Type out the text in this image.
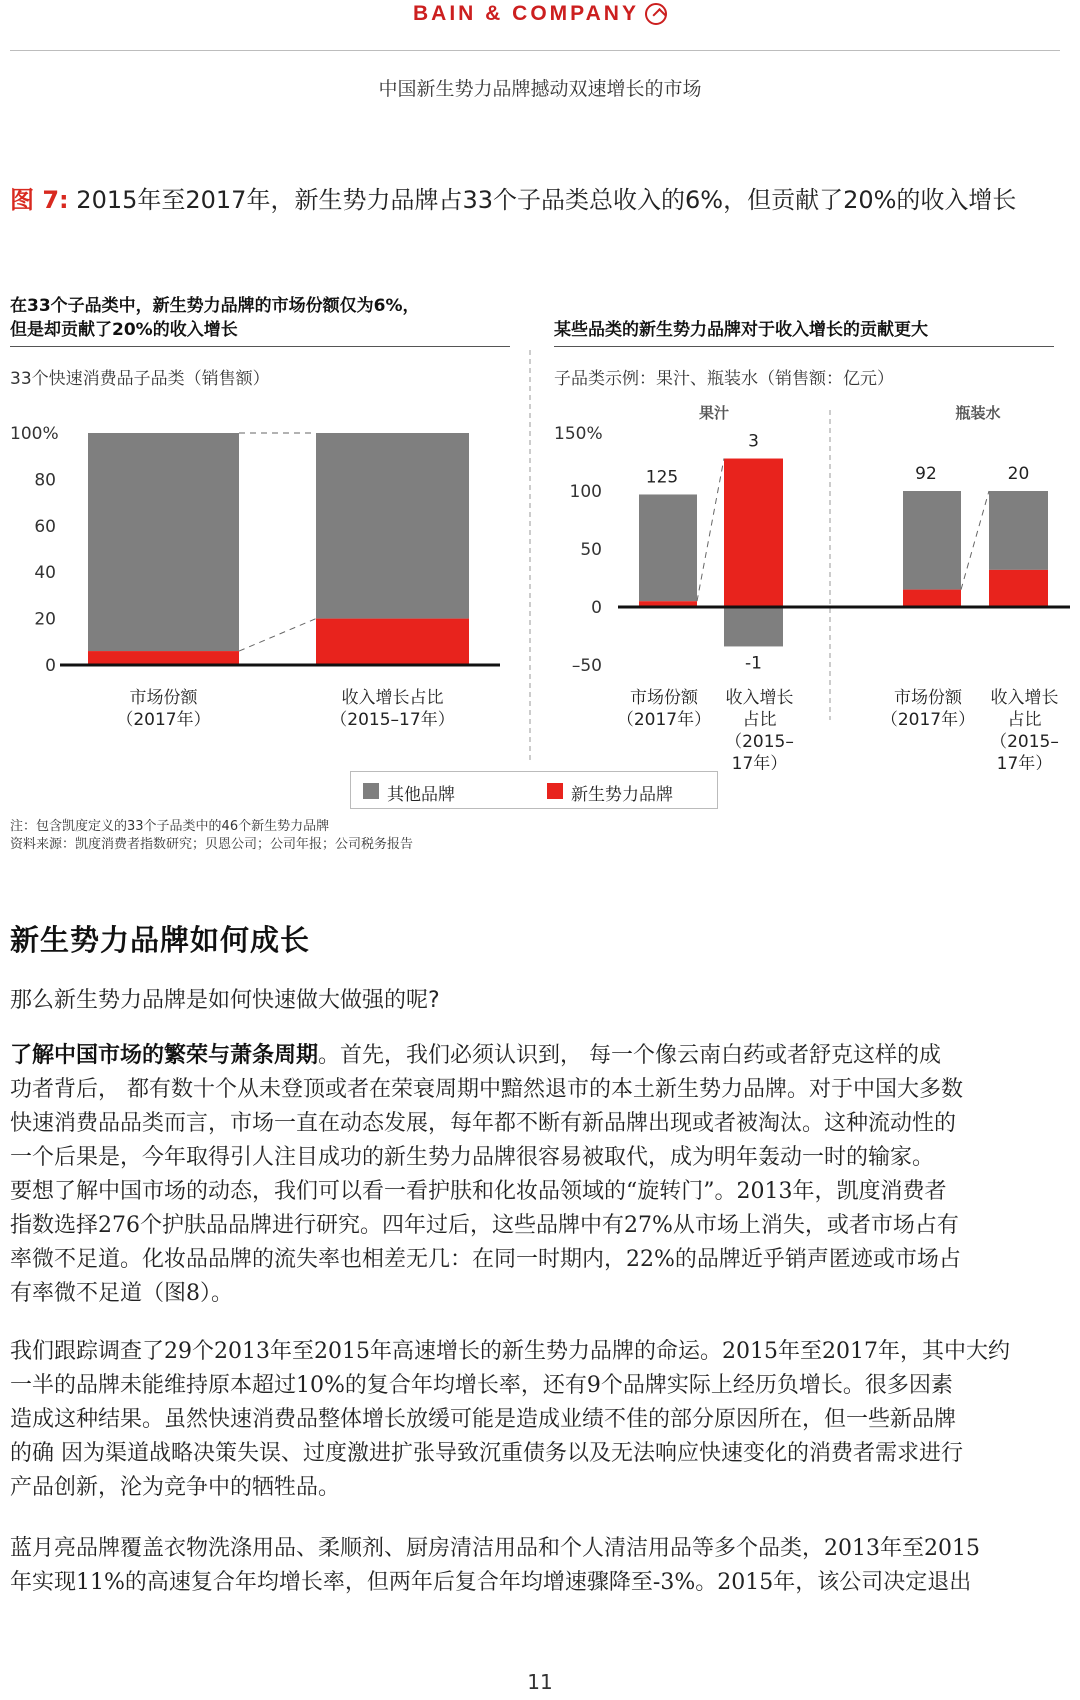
BAIN & COMPANY
中国新生势力品牌撼动双速增长的市场
图 7: 2015年至2017年，新生势力品牌占33个子品类总收入的6%，但贡献了20%的收入增长
在33个子品类中，新生势力品牌的市场份额仅为6%，
但是却贡献了20%的收入增长
33个快速消费品子品类（销售额）
某些品类的新生势力品牌对于收入增长的贡献更大
子品类示例：果汁、瓶装水（销售额：亿元）
100%
80
60
40
20
0
市场份额
（2017年）
收入增长占比
（2015–17年）
150%
100
50
0
–50
果汁
125
市场份额
（2017年）
3
-1
收入增长
占比
（2015–
17年）
瓶装水
92
市场份额
（2017年）
20
收入增长
占比
（2015–
17年）
其他品牌	新生势力品牌
注：包含凯度定义的33个子品类中的46个新生势力品牌
资料来源：凯度消费者指数研究；贝恩公司；公司年报；公司税务报告
新生势力品牌如何成长
那么新生势力品牌是如何快速做大做强的呢?
了解中国市场的繁荣与萧条周期。首先，我们必须认识到， 每一个像云南白药或者舒克这样的成
功者背后， 都有数十个从未登顶或者在荣衰周期中黯然退市的本土新生势力品牌。对于中国大多数
快速消费品品类而言，市场一直在动态发展，每年都不断有新品牌出现或者被淘汰。这种流动性的
一个后果是，今年取得引人注目成功的新生势力品牌很容易被取代，成为明年轰动一时的输家。
要想了解中国市场的动态，我们可以看一看护肤和化妆品领域的“旋转门”。2013年，凯度消费者
指数选择276个护肤品品牌进行研究。四年过后，这些品牌中有27%从市场上消失，或者市场占有
率微不足道。化妆品品牌的流失率也相差无几：在同一时期内，22%的品牌近乎销声匿迹或市场占
有率微不足道（图8）。
我们跟踪调查了29个2013年至2015年高速增长的新生势力品牌的命运。2015年至2017年，其中大约
一半的品牌未能维持原本超过10%的复合年均增长率，还有9个品牌实际上经历负增长。很多因素
造成这种结果。虽然快速消费品整体增长放缓可能是造成业绩不佳的部分原因所在，但一些新品牌
的确 因为渠道战略决策失误、过度激进扩张导致沉重债务以及无法响应快速变化的消费者需求进行
产品创新，沦为竞争中的牺牲品。
蓝月亮品牌覆盖衣物洗涤用品、柔顺剂、厨房清洁用品和个人清洁用品等多个品类，2013年至2015
年实现11%的高速复合年均增长率，但两年后复合年均增速骤降至-3%。2015年，该公司决定退出
11
